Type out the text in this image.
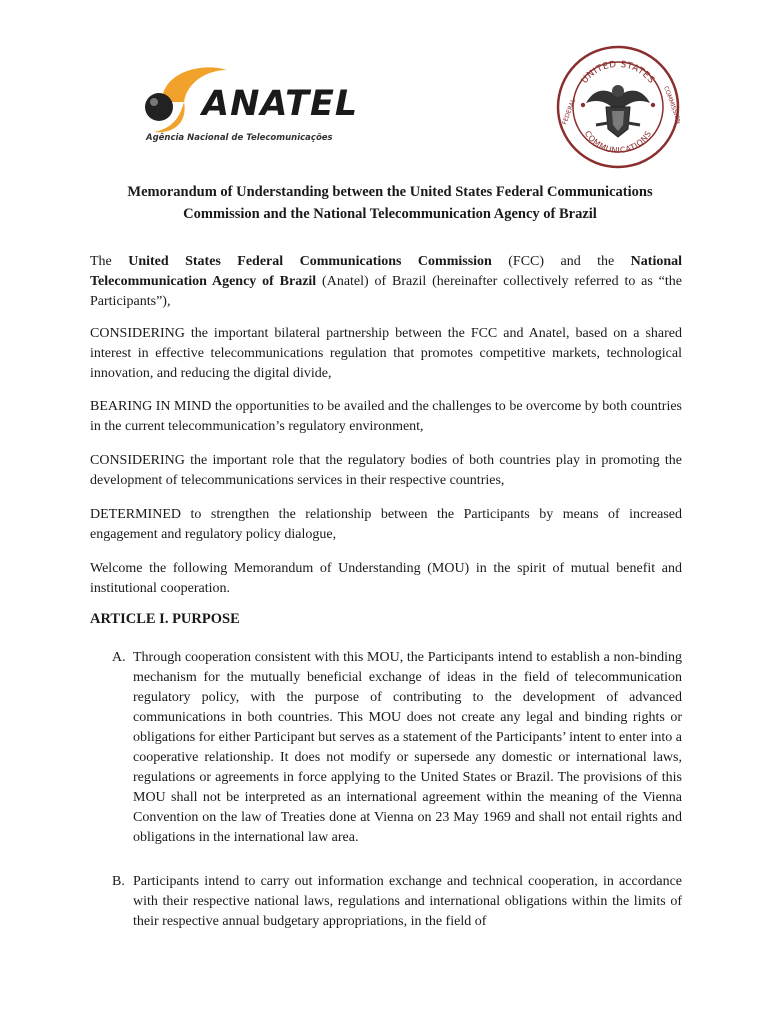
ANATEL
Agência Nacional de Telecomunicações
UNITED STATES
COMMUNICATIONS
FEDERAL	COMMISSION
Memorandum of Understanding between the United States Federal Communications
Commission and the National Telecommunication Agency of Brazil
The United States Federal Communications Commission (FCC) and the National Telecommunication Agency of Brazil (Anatel) of Brazil (hereinafter collectively referred to as “the Participants”),
CONSIDERING the important bilateral partnership between the FCC and Anatel, based on a shared interest in effective telecommunications regulation that promotes competitive markets, technological innovation, and reducing the digital divide,
BEARING IN MIND the opportunities to be availed and the challenges to be overcome by both countries in the current telecommunication’s regulatory environment,
CONSIDERING the important role that the regulatory bodies of both countries play in promoting the development of telecommunications services in their respective countries,
DETERMINED to strengthen the relationship between the Participants by means of increased engagement and regulatory policy dialogue,
Welcome the following Memorandum of Understanding (MOU) in the spirit of mutual benefit and institutional cooperation.
ARTICLE I. PURPOSE
A. Through cooperation consistent with this MOU, the Participants intend to establish a non-binding mechanism for the mutually beneficial exchange of ideas in the field of telecommunication regulatory policy, with the purpose of contributing to the development of advanced communications in both countries. This MOU does not create any legal and binding rights or obligations for either Participant but serves as a statement of the Participants’ intent to enter into a cooperative relationship. It does not modify or supersede any domestic or international laws, regulations or agreements in force applying to the United States or Brazil. The provisions of this MOU shall not be interpreted as an international agreement within the meaning of the Vienna Convention on the law of Treaties done at Vienna on 23 May 1969 and shall not entail rights and obligations in the international law area.
B. Participants intend to carry out information exchange and technical cooperation, in accordance with their respective national laws, regulations and international obligations within the limits of their respective annual budgetary appropriations, in the field of
